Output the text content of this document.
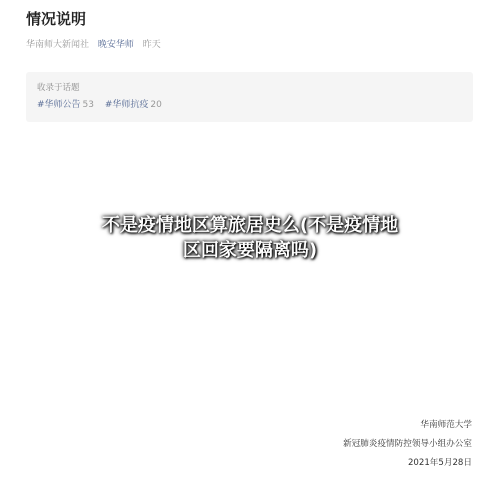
情况说明
华南师大新闻社 晚安华师 昨天
收录于话题
#华师公告 53 #华师抗疫 20

华南师范大学
新冠肺炎疫情防控领导小组办公室
2021年5月28日
不是疫情地区算旅居史么(不是疫情地
区回家要隔离吗)
